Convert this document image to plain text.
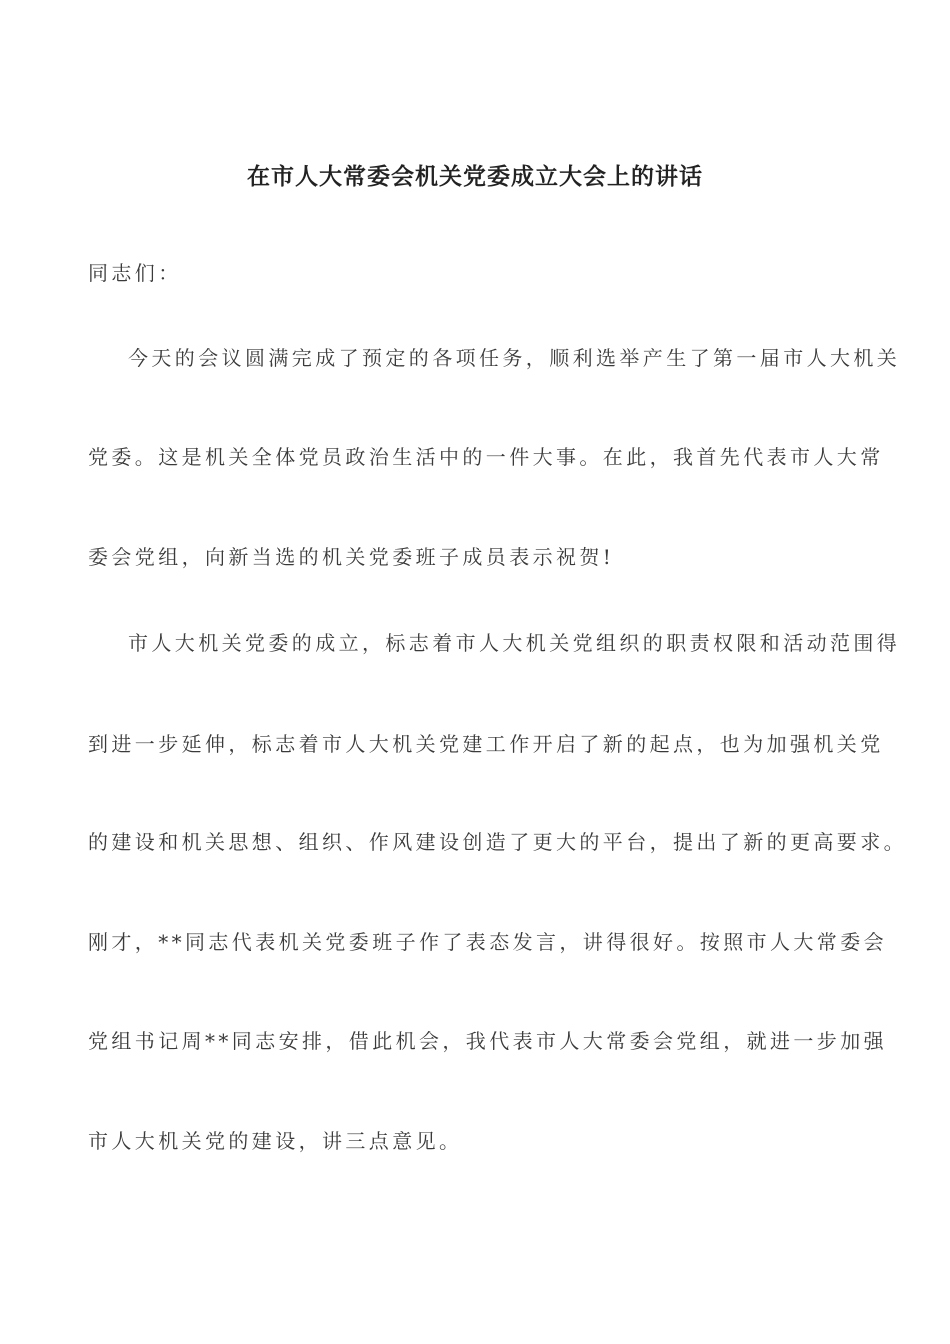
在市人大常委会机关党委成立大会上的讲话
同志们：
今天的会议圆满完成了预定的各项任务，顺利选举产生了第一届市人大机关
党委。这是机关全体党员政治生活中的一件大事。在此，我首先代表市人大常
委会党组，向新当选的机关党委班子成员表示祝贺!
市人大机关党委的成立，标志着市人大机关党组织的职责权限和活动范围得
到进一步延伸，标志着市人大机关党建工作开启了新的起点，也为加强机关党
的建设和机关思想、组织、作风建设创造了更大的平台，提出了新的更高要求。
刚才，**同志代表机关党委班子作了表态发言，讲得很好。按照市人大常委会
党组书记周**同志安排，借此机会，我代表市人大常委会党组，就进一步加强
市人大机关党的建设，讲三点意见。
